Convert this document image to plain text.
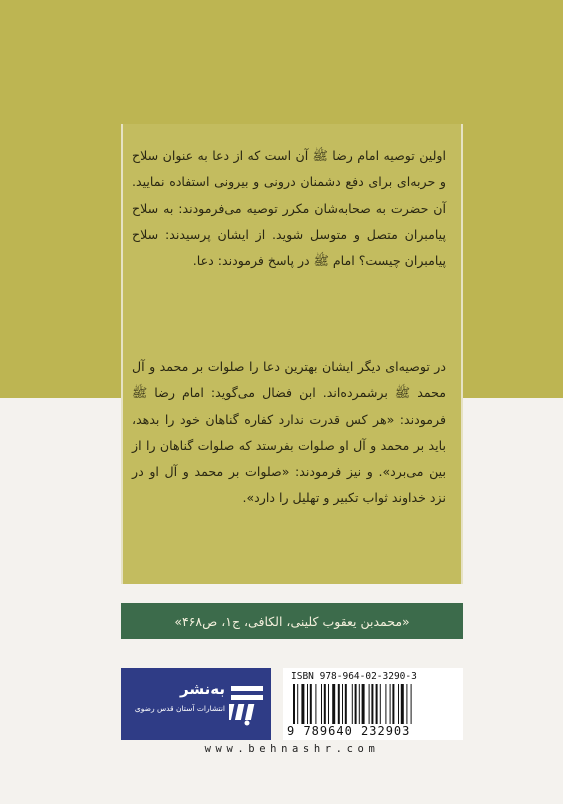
اولین توصیه امام رضا ﷺ آن است که از دعا به عنوان سلاح و حربه‌ای برای دفع دشمنان درونی و بیرونی استفاده نمایید. آن حضرت به صحابه‌شان مکرر توصیه می‌فرمودند: به سلاح پیامبران متصل و متوسل شوید. از ایشان پرسیدند: سلاح پیامبران چیست؟ امام ﷺ در پاسخ فرمودند: دعا.

در توصیه‌ای دیگر ایشان بهترین دعا را صلوات بر محمد و آل محمد ﷺ برشمرده‌اند. ابن فضال می‌گوید: امام رضا ﷺ فرمودند: «هر کس قدرت ندارد کفاره گناهان خود را بدهد، باید بر محمد و آل او صلوات بفرستد که صلوات گناهان را از بین می‌برد». و نیز فرمودند: «صلوات بر محمد و آل او در نزد خداوند ثواب تکبیر و تهلیل را دارد».

«محمدبن یعقوب کلینی، الکافی، ج۱، ص۴۶۸»
به‌نشر
انتشارات آستان قدس رضوی
ISBN 978-964-02-3290-3
9 789640 232903
www.behnashr.com
